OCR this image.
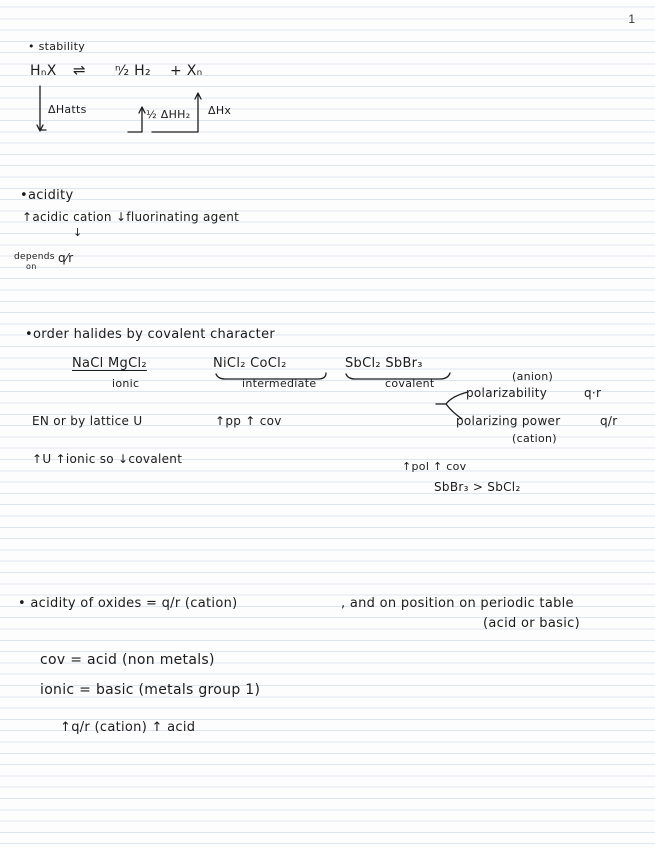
1
• stability
HₙX ⇌ ⁿ⁄₂ H₂ + Xₙ
ΔHatts	½ ΔHH₂ ΔHx
•acidity
↑acidic cation ↓fluorinating agent
↓
depends
on
q⁄r
•order halides by covalent character
NaCl MgCl₂
ionic
NiCl₂ CoCl₂
intermediate
SbCl₂ SbBr₃
covalent
(anion)
polarizability	q·r
polarizing power	q/r
(cation)
EN or by lattice U	↑pp ↑ cov
↑U ↑ionic so ↓covalent
↑pol ↑ cov
SbBr₃ > SbCl₂
• acidity of oxides = q/r (cation)	, and on position on periodic table
(acid or basic)
cov = acid (non metals)
ionic = basic (metals group 1)
↑q/r (cation) ↑ acid
